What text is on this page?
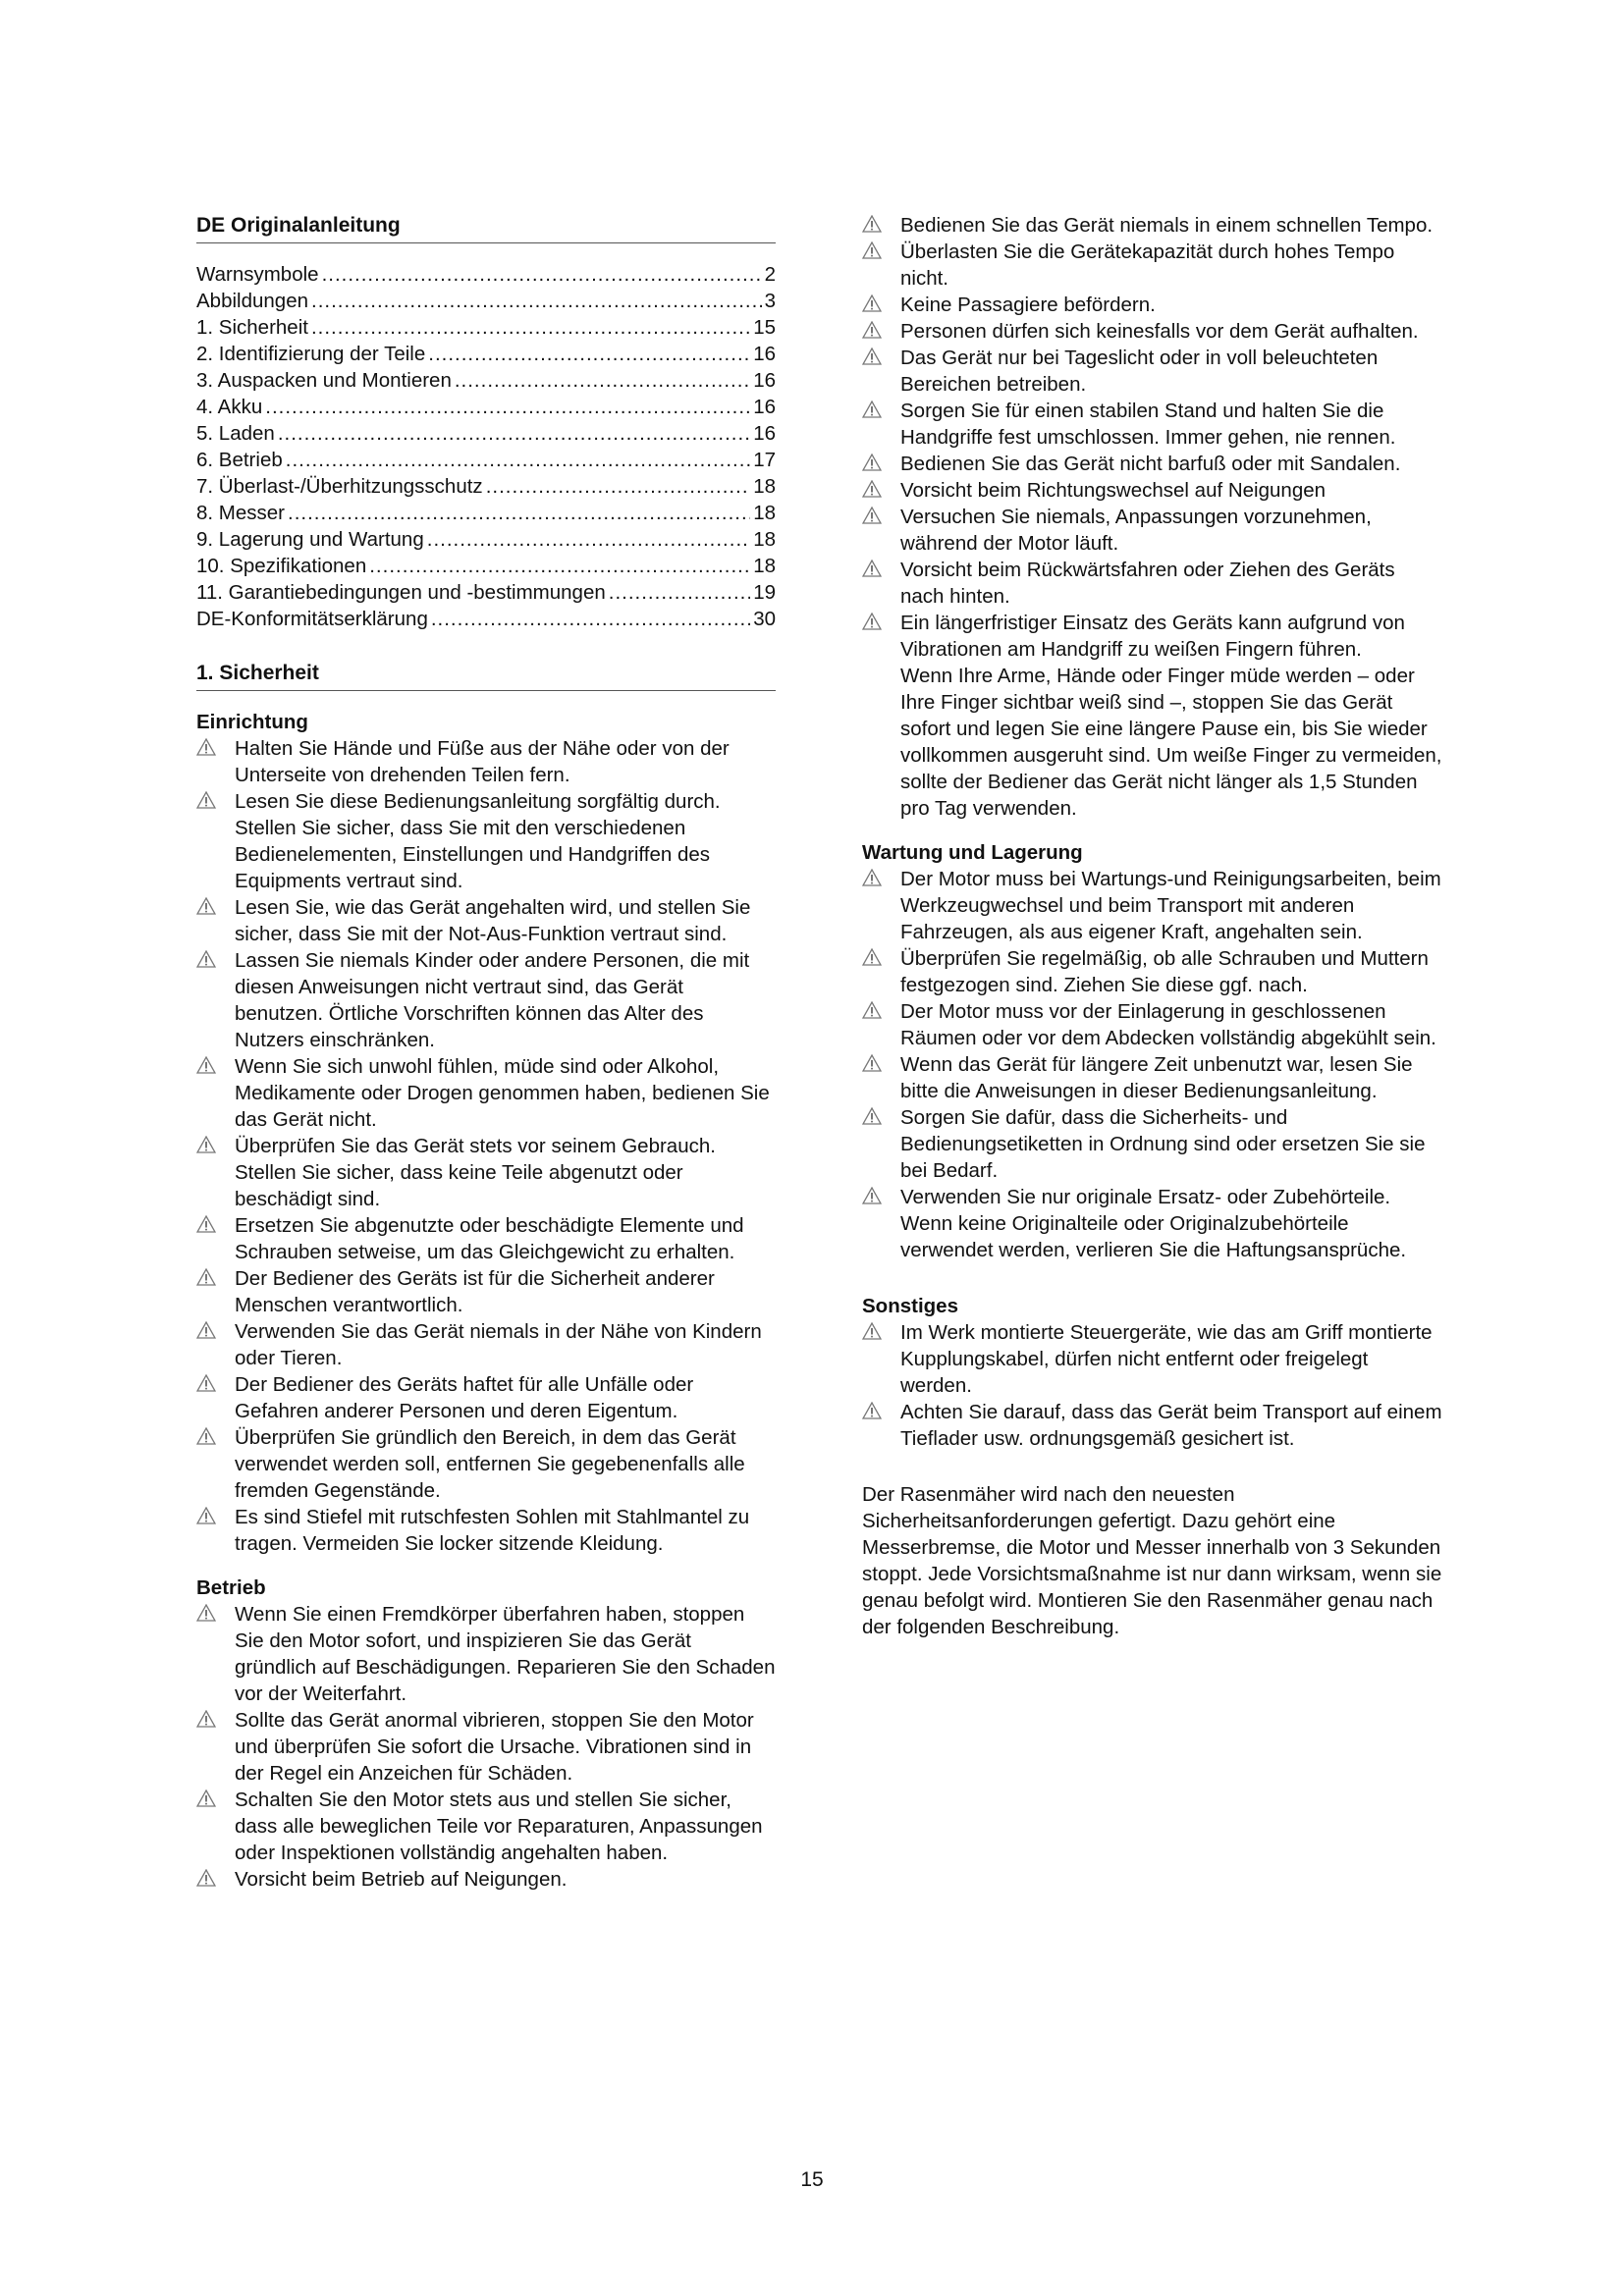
DE Originalanleitung
Warnsymbole .....	2
Abbildungen .....	3
1. Sicherheit .....	15
2. Identifizierung der Teile .....	16
3. Auspacken und Montieren .....	16
4. Akku .....	16
5. Laden .....	16
6. Betrieb .....	17
7. Überlast-/Überhitzungsschutz .....	18
8. Messer .....	18
9. Lagerung und Wartung .....	18
10. Spezifikationen .....	18
11. Garantiebedingungen und -bestimmungen .....	19
DE-Konformitätserklärung .....	30
1. Sicherheit
Einrichtung
Halten Sie Hände und Füße aus der Nähe oder von der Unterseite von drehenden Teilen fern.
Lesen Sie diese Bedienungsanleitung sorgfältig durch. Stellen Sie sicher, dass Sie mit den verschiedenen Bedienelementen, Einstellungen und Handgriffen des Equipments vertraut sind.
Lesen Sie, wie das Gerät angehalten wird, und stellen Sie sicher, dass Sie mit der Not-Aus-Funktion vertraut sind.
Lassen Sie niemals Kinder oder andere Personen, die mit diesen Anweisungen nicht vertraut sind, das Gerät benutzen. Örtliche Vorschriften können das Alter des Nutzers einschränken.
Wenn Sie sich unwohl fühlen, müde sind oder Alkohol, Medikamente oder Drogen genommen haben, bedienen Sie das Gerät nicht.
Überprüfen Sie das Gerät stets vor seinem Gebrauch. Stellen Sie sicher, dass keine Teile abgenutzt oder beschädigt sind.
Ersetzen Sie abgenutzte oder beschädigte Elemente und Schrauben setweise, um das Gleichgewicht zu erhalten.
Der Bediener des Geräts ist für die Sicherheit anderer Menschen verantwortlich.
Verwenden Sie das Gerät niemals in der Nähe von Kindern oder Tieren.
Der Bediener des Geräts haftet für alle Unfälle oder Gefahren anderer Personen und deren Eigentum.
Überprüfen Sie gründlich den Bereich, in dem das Gerät verwendet werden soll, entfernen Sie gegebenenfalls alle fremden Gegenstände.
Es sind Stiefel mit rutschfesten Sohlen mit Stahlmantel zu tragen. Vermeiden Sie locker sitzende Kleidung.
Betrieb
Wenn Sie einen Fremdkörper überfahren haben, stoppen Sie den Motor sofort, und inspizieren Sie das Gerät gründlich auf Beschädigungen. Reparieren Sie den Schaden vor der Weiterfahrt.
Sollte das Gerät anormal vibrieren, stoppen Sie den Motor und überprüfen Sie sofort die Ursache. Vibrationen sind in der Regel ein Anzeichen für Schäden.
Schalten Sie den Motor stets aus und stellen Sie sicher, dass alle beweglichen Teile vor Reparaturen, Anpassungen oder Inspektionen vollständig angehalten haben.
Vorsicht beim Betrieb auf Neigungen.
Bedienen Sie das Gerät niemals in einem schnellen Tempo.
Überlasten Sie die Gerätekapazität durch hohes Tempo nicht.
Keine Passagiere befördern.
Personen dürfen sich keinesfalls vor dem Gerät aufhalten.
Das Gerät nur bei Tageslicht oder in voll beleuchteten Bereichen betreiben.
Sorgen Sie für einen stabilen Stand und halten Sie die Handgriffe fest umschlossen. Immer gehen, nie rennen.
Bedienen Sie das Gerät nicht barfuß oder mit Sandalen.
Vorsicht beim Richtungswechsel auf Neigungen
Versuchen Sie niemals, Anpassungen vorzunehmen, während der Motor läuft.
Vorsicht beim Rückwärtsfahren oder Ziehen des Geräts nach hinten.

Ein längerfristiger Einsatz des Geräts kann aufgrund von Vibrationen am Handgriff zu weißen Fingern führen.

Wenn Ihre Arme, Hände oder Finger müde werden – oder Ihre Finger sichtbar weiß sind –, stoppen Sie das Gerät sofort und legen Sie eine längere Pause ein, bis Sie wieder vollkommen ausgeruht sind. Um weiße Finger zu vermeiden, sollte der Bediener das Gerät nicht länger als 1,5 Stunden pro Tag verwenden.

Wartung und Lagerung
Der Motor muss bei Wartungs-und Reinigungsarbeiten, beim Werkzeugwechsel und beim Transport mit anderen Fahrzeugen, als aus eigener Kraft, angehalten sein.
Überprüfen Sie regelmäßig, ob alle Schrauben und Muttern festgezogen sind. Ziehen Sie diese ggf. nach.
Der Motor muss vor der Einlagerung in geschlossenen Räumen oder vor dem Abdecken vollständig abgekühlt sein.
Wenn das Gerät für längere Zeit unbenutzt war, lesen Sie bitte die Anweisungen in dieser Bedienungsanleitung.
Sorgen Sie dafür, dass die Sicherheits- und Bedienungsetiketten in Ordnung sind oder ersetzen Sie sie bei Bedarf.
Verwenden Sie nur originale Ersatz- oder Zubehörteile. Wenn keine Originalteile oder Originalzubehörteile verwendet werden, verlieren Sie die Haftungsansprüche.
Sonstiges
Im Werk montierte Steuergeräte, wie das am Griff montierte Kupplungskabel, dürfen nicht entfernt oder freigelegt werden.
Achten Sie darauf, dass das Gerät beim Transport auf einem Tieflader usw. ordnungsgemäß gesichert ist.

Der Rasenmäher wird nach den neuesten Sicherheitsanforderungen gefertigt. Dazu gehört eine Messerbremse, die Motor und Messer innerhalb von 3 Sekunden stoppt. Jede Vorsichtsmaßnahme ist nur dann wirksam, wenn sie genau befolgt wird. Montieren Sie den Rasenmäher genau nach der folgenden Beschreibung.

15
